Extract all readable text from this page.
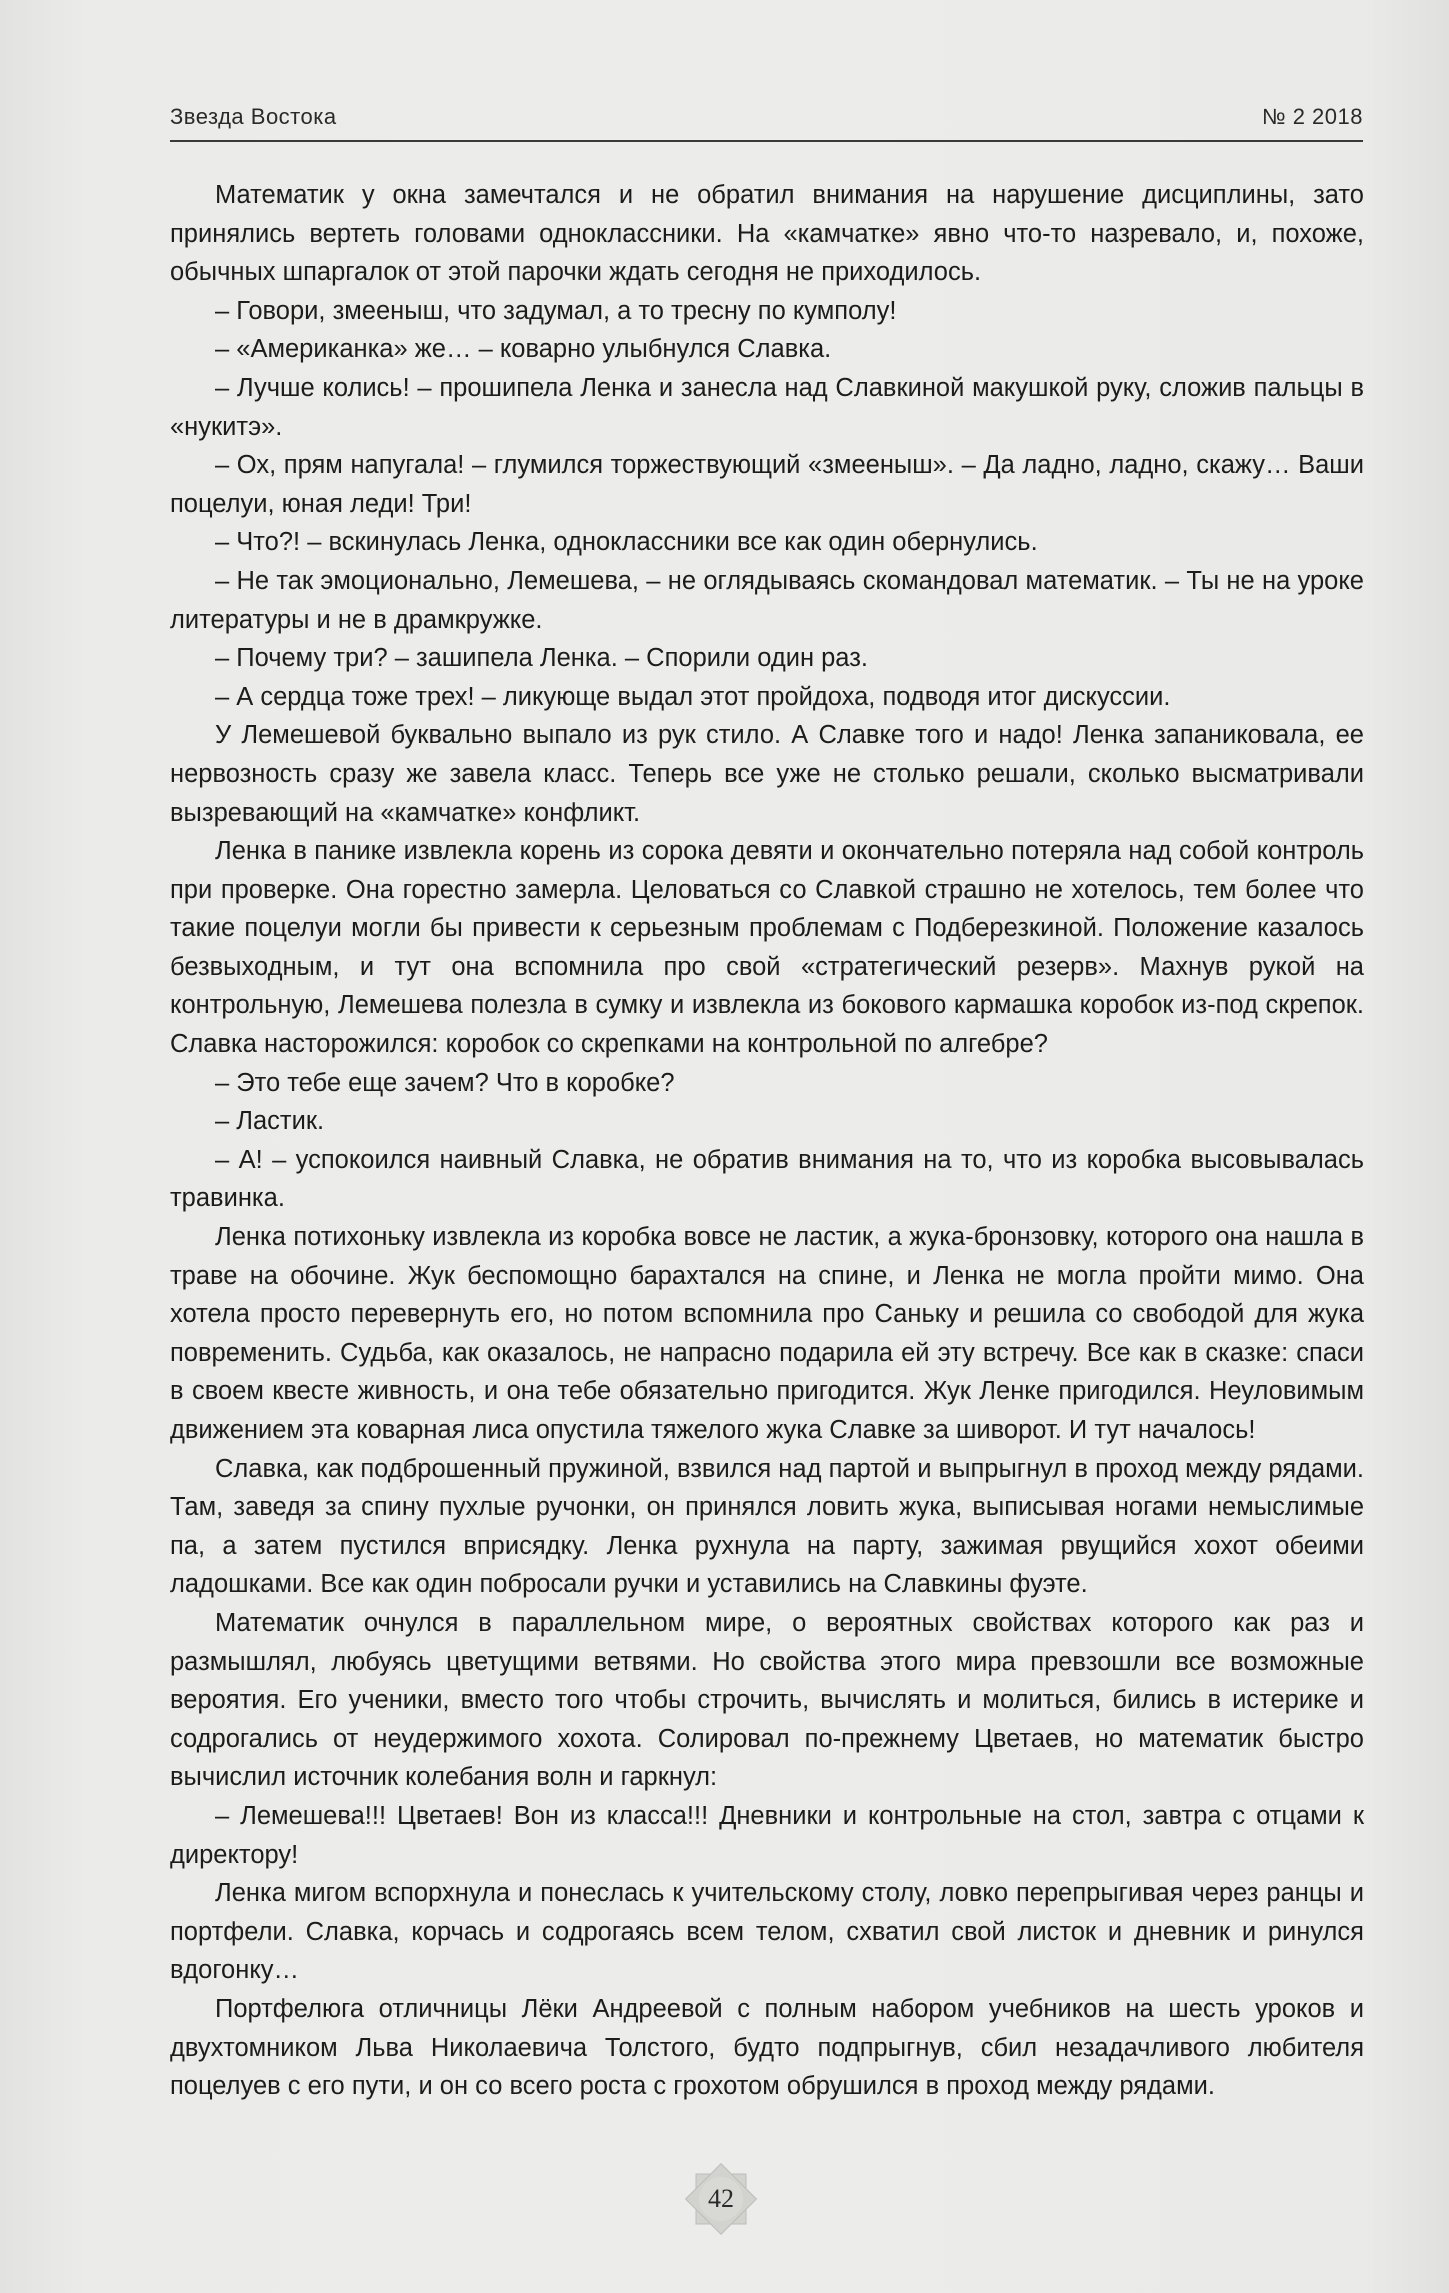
Звезда Востока	№ 2 2018

Математик у окна замечтался и не обратил внимания на нарушение дисциплины, зато принялись вертеть головами одноклассники. На «камчатке» явно что-то назревало, и, похоже, обычных шпаргалок от этой парочки ждать сегодня не приходилось.

– Говори, змееныш, что задумал, а то тресну по кумполу!

– «Американка» же… – коварно улыбнулся Славка.

– Лучше колись! – прошипела Ленка и занесла над Славкиной макушкой руку, сложив пальцы в «нукитэ».

– Ох, прям напугала! – глумился торжествующий «змееныш». – Да ладно, ладно, скажу… Ваши поцелуи, юная леди! Три!

– Что?! – вскинулась Ленка, одноклассники все как один обернулись.

– Не так эмоционально, Лемешева, – не оглядываясь скомандовал математик. – Ты не на уроке литературы и не в драмкружке.

– Почему три? – зашипела Ленка. – Спорили один раз.

– А сердца тоже трех! – ликующе выдал этот пройдоха, подводя итог дискуссии.

У Лемешевой буквально выпало из рук стило. А Славке того и надо! Ленка запаниковала, ее нервозность сразу же завела класс. Теперь все уже не столько решали, сколько высматривали вызревающий на «камчатке» конфликт.

Ленка в панике извлекла корень из сорока девяти и окончательно потеряла над собой контроль при проверке. Она горестно замерла. Целоваться со Славкой страшно не хотелось, тем более что такие поцелуи могли бы привести к серьезным проблемам с Подберезкиной. Положение казалось безвыходным, и тут она вспомнила про свой «стратегический резерв». Махнув рукой на контрольную, Лемешева полезла в сумку и извлекла из бокового кармашка коробок из-под скрепок. Славка насторожился: коробок со скрепками на контрольной по алгебре?

– Это тебе еще зачем? Что в коробке?

– Ластик.

– А! – успокоился наивный Славка, не обратив внимания на то, что из коробка высовывалась травинка.

Ленка потихоньку извлекла из коробка вовсе не ластик, а жука-бронзовку, которого она нашла в траве на обочине. Жук беспомощно барахтался на спине, и Ленка не могла пройти мимо. Она хотела просто перевернуть его, но потом вспомнила про Саньку и решила со свободой для жука повременить. Судьба, как оказалось, не напрасно подарила ей эту встречу. Все как в сказке: спаси в своем квесте живность, и она тебе обязательно пригодится. Жук Ленке пригодился. Неуловимым движением эта коварная лиса опустила тяжелого жука Славке за шиворот. И тут началось!

Славка, как подброшенный пружиной, взвился над партой и выпрыгнул в проход между рядами. Там, заведя за спину пухлые ручонки, он принялся ловить жука, выписывая ногами немыслимые па, а затем пустился вприсядку. Ленка рухнула на парту, зажимая рвущийся хохот обеими ладошками. Все как один побросали ручки и уставились на Славкины фуэте.

Математик очнулся в параллельном мире, о вероятных свойствах которого как раз и размышлял, любуясь цветущими ветвями. Но свойства этого мира превзошли все возможные вероятия. Его ученики, вместо того чтобы строчить, вычислять и молиться, бились в истерике и содрогались от неудержимого хохота. Солировал по-прежнему Цветаев, но математик быстро вычислил источник колебания волн и гаркнул:

– Лемешева!!! Цветаев! Вон из класса!!! Дневники и контрольные на стол, завтра с отцами к директору!

Ленка мигом вспорхнула и понеслась к учительскому столу, ловко перепрыгивая через ранцы и портфели. Славка, корчась и содрогаясь всем телом, схватил свой листок и дневник и ринулся вдогонку…

Портфелюга отличницы Лёки Андреевой с полным набором учебников на шесть уроков и двухтомником Льва Николаевича Толстого, будто подпрыгнув, сбил незадачливого любителя поцелуев с его пути, и он со всего роста с грохотом обрушился в проход между рядами.

42
